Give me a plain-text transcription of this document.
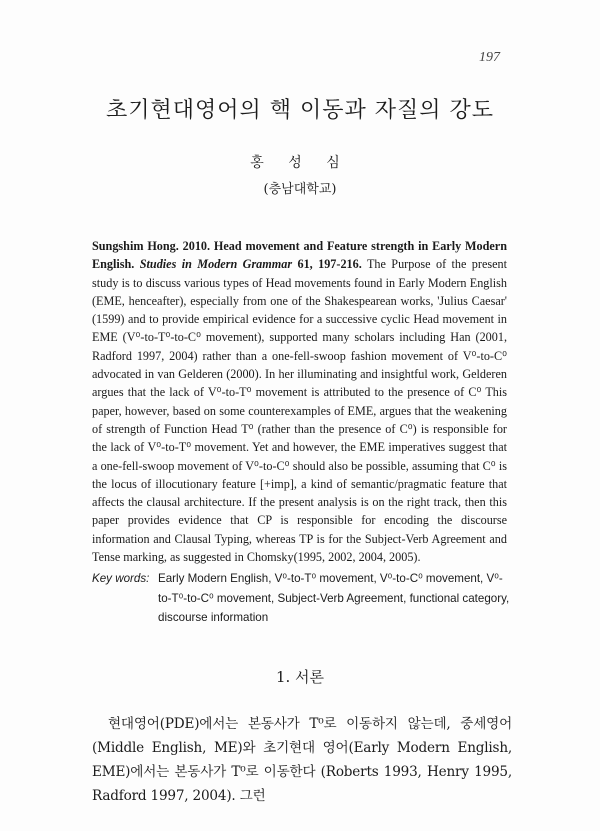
197
초기현대영어의 핵 이동과 자질의 강도
홍 성 심
(충남대학교)
Sungshim Hong. 2010. Head movement and Feature strength in Early Modern English. Studies in Modern Grammar 61, 197-216. The Purpose of the present study is to discuss various types of Head movements found in Early Modern English (EME, henceafter), especially from one of the Shakespearean works, 'Julius Caesar' (1599) and to provide empirical evidence for a successive cyclic Head movement in EME (V⁰-to-T⁰-to-C⁰ movement), supported many scholars including Han (2001, Radford 1997, 2004) rather than a one-fell-swoop fashion movement of V⁰-to-C⁰ advocated in van Gelderen (2000). In her illuminating and insightful work, Gelderen argues that the lack of V⁰-to-T⁰ movement is attributed to the presence of C⁰ This paper, however, based on some counterexamples of EME, argues that the weakening of strength of Function Head T⁰ (rather than the presence of C⁰) is responsible for the lack of V⁰-to-T⁰ movement. Yet and however, the EME imperatives suggest that a one-fell-swoop movement of V⁰-to-C⁰ should also be possible, assuming that C⁰ is the locus of illocutionary feature [+imp], a kind of semantic/pragmatic feature that affects the clausal architecture. If the present analysis is on the right track, then this paper provides evidence that CP is responsible for encoding the discourse information and Clausal Typing, whereas TP is for the Subject-Verb Agreement and Tense marking, as suggested in Chomsky(1995, 2002, 2004, 2005).
Key words: Early Modern English, V⁰-to-T⁰ movement, V⁰-to-C⁰ movement, V⁰-to-T⁰-to-C⁰ movement, Subject-Verb Agreement, functional category, discourse information
1. 서론

현대영어(PDE)에서는 본동사가 T⁰로 이동하지 않는데, 중세영어(Middle English, ME)와 초기현대 영어(Early Modern English, EME)에서는 본동사가 T⁰로 이동한다 (Roberts 1993, Henry 1995, Radford 1997, 2004). 그런
